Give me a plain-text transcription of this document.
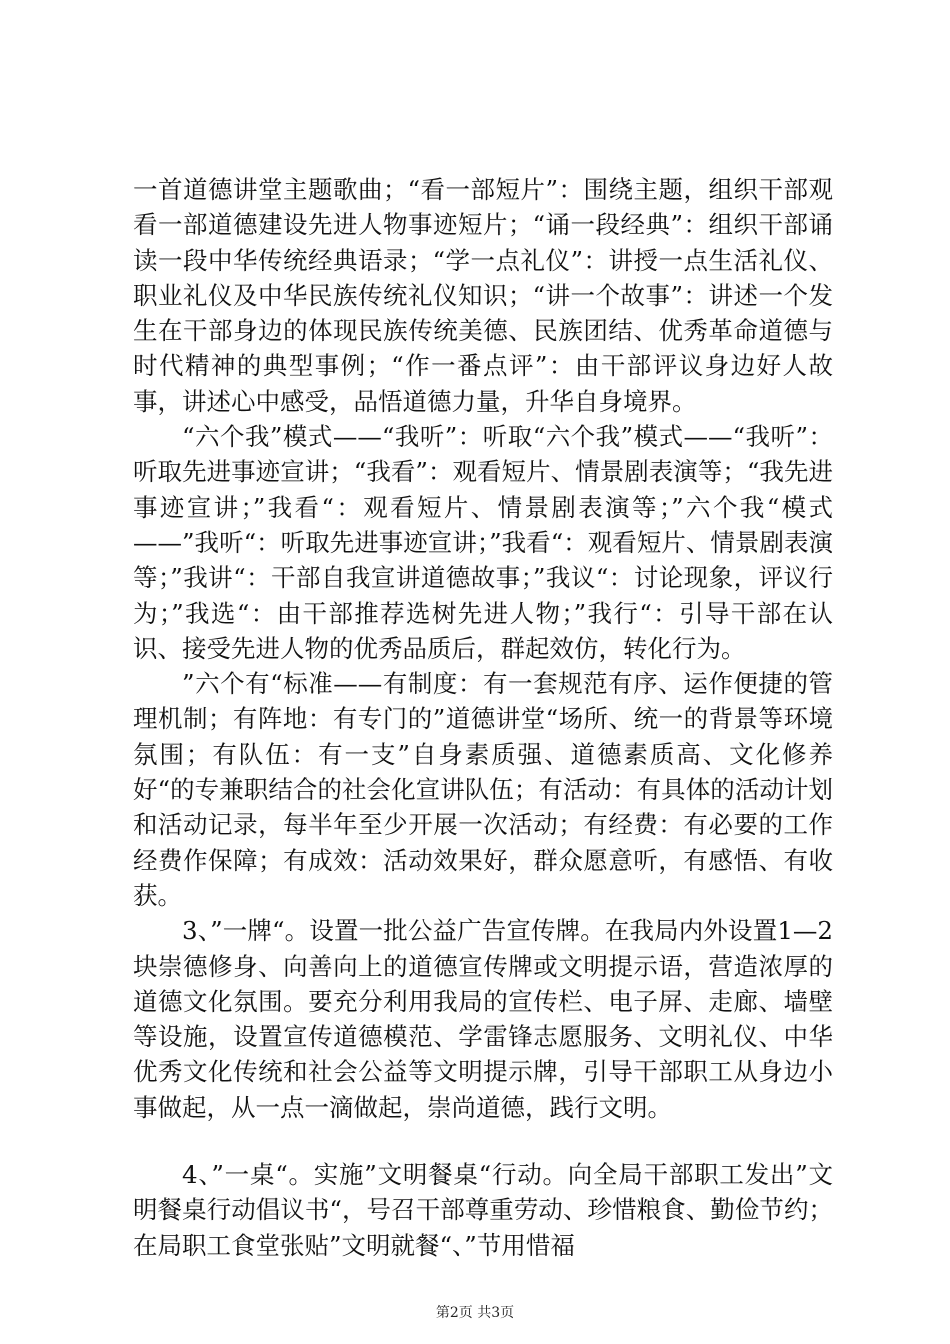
一首道德讲堂主题歌曲；“看一部短片”：围绕主题，组织干部观看一部道德建设先进人物事迹短片；“诵一段经典”：组织干部诵读一段中华传统经典语录；“学一点礼仪”：讲授一点生活礼仪、职业礼仪及中华民族传统礼仪知识；“讲一个故事”：讲述一个发生在干部身边的体现民族传统美德、民族团结、优秀革命道德与时代精神的典型事例；“作一番点评”：由干部评议身边好人故事，讲述心中感受，品悟道德力量，升华自身境界。

“六个我”模式——“我听”：听取“六个我”模式——“我听”：听取先进事迹宣讲；“我看”：观看短片、情景剧表演等；“我先进事迹宣讲；”我看“：观看短片、情景剧表演等；”六个我“模式——”我听“：听取先进事迹宣讲；”我看“：观看短片、情景剧表演等；”我讲“：干部自我宣讲道德故事；”我议“：讨论现象，评议行为；”我选“：由干部推荐选树先进人物；”我行“：引导干部在认识、接受先进人物的优秀品质后，群起效仿，转化行为。

”六个有“标准——有制度：有一套规范有序、运作便捷的管理机制；有阵地：有专门的”道德讲堂“场所、统一的背景等环境氛围；有队伍：有一支”自身素质强、道德素质高、文化修养好“的专兼职结合的社会化宣讲队伍；有活动：有具体的活动计划和活动记录，每半年至少开展一次活动；有经费：有必要的工作经费作保障；有成效：活动效果好，群众愿意听，有感悟、有收获。

3、”一牌“。设置一批公益广告宣传牌。在我局内外设置1—2块崇德修身、向善向上的道德宣传牌或文明提示语，营造浓厚的道德文化氛围。要充分利用我局的宣传栏、电子屏、走廊、墙壁等设施，设置宣传道德模范、学雷锋志愿服务、文明礼仪、中华优秀文化传统和社会公益等文明提示牌，引导干部职工从身边小事做起，从一点一滴做起，崇尚道德，践行文明。

4、”一桌“。实施”文明餐桌“行动。向全局干部职工发出”文明餐桌行动倡议书“，号召干部尊重劳动、珍惜粮食、勤俭节约；在局职工食堂张贴”文明就餐“、”节用惜福

第2页 共3页
